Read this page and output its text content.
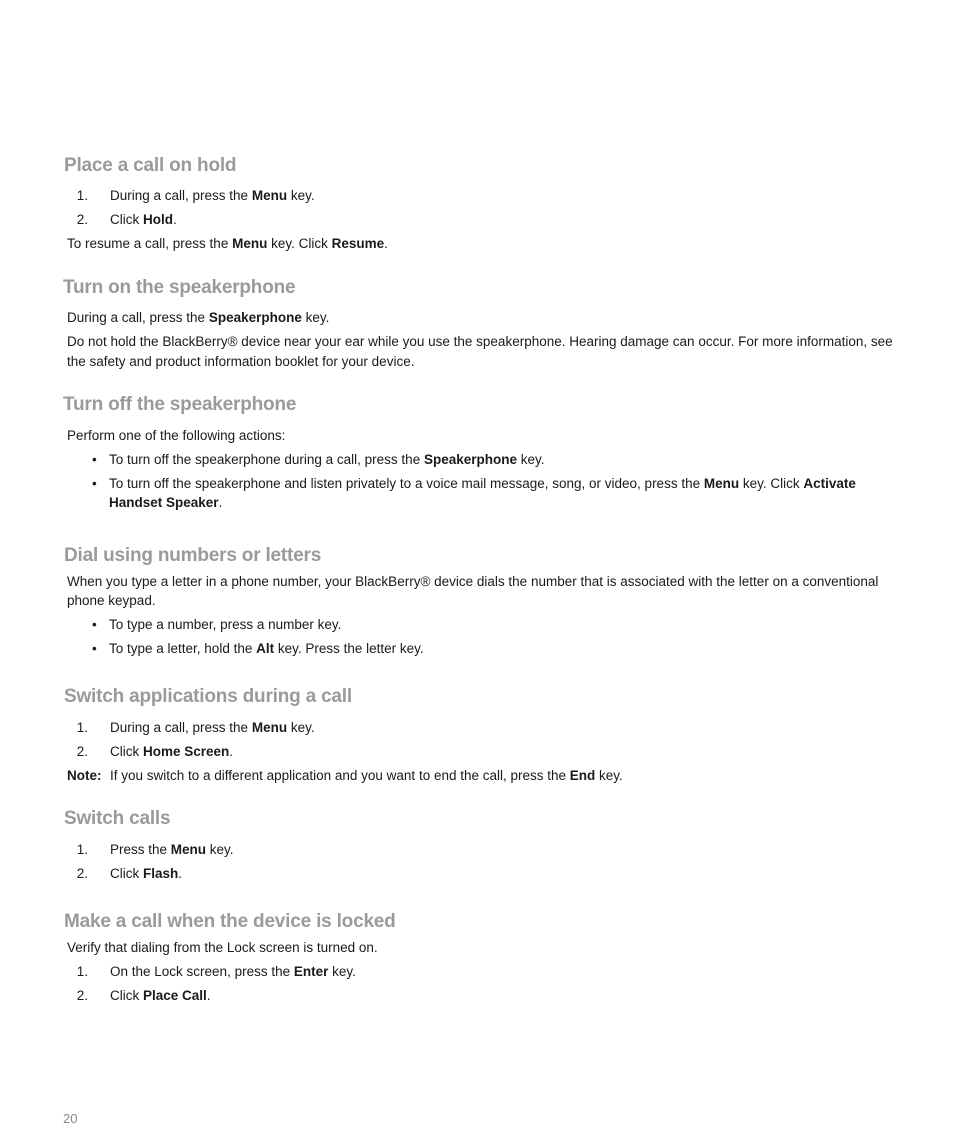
Place a call on hold
1. During a call, press the Menu key.
2. Click Hold.
To resume a call, press the Menu key. Click Resume.
Turn on the speakerphone
During a call, press the Speakerphone key.
Do not hold the BlackBerry® device near your ear while you use the speakerphone. Hearing damage can occur. For more information, see
the safety and product information booklet for your device.
Turn off the speakerphone
Perform one of the following actions:
• To turn off the speakerphone during a call, press the Speakerphone key.
• To turn off the speakerphone and listen privately to a voice mail message, song, or video, press the Menu key. Click Activate
Handset Speaker.
Dial using numbers or letters
When you type a letter in a phone number, your BlackBerry® device dials the number that is associated with the letter on a conventional
phone keypad.
• To type a number, press a number key.
• To type a letter, hold the Alt key. Press the letter key.
Switch applications during a call
1. During a call, press the Menu key.
2. Click Home Screen.
Note: If you switch to a different application and you want to end the call, press the End key.
Switch calls
1. Press the Menu key.
2. Click Flash.
Make a call when the device is locked
Verify that dialing from the Lock screen is turned on.
1. On the Lock screen, press the Enter key.
2. Click Place Call.
20
